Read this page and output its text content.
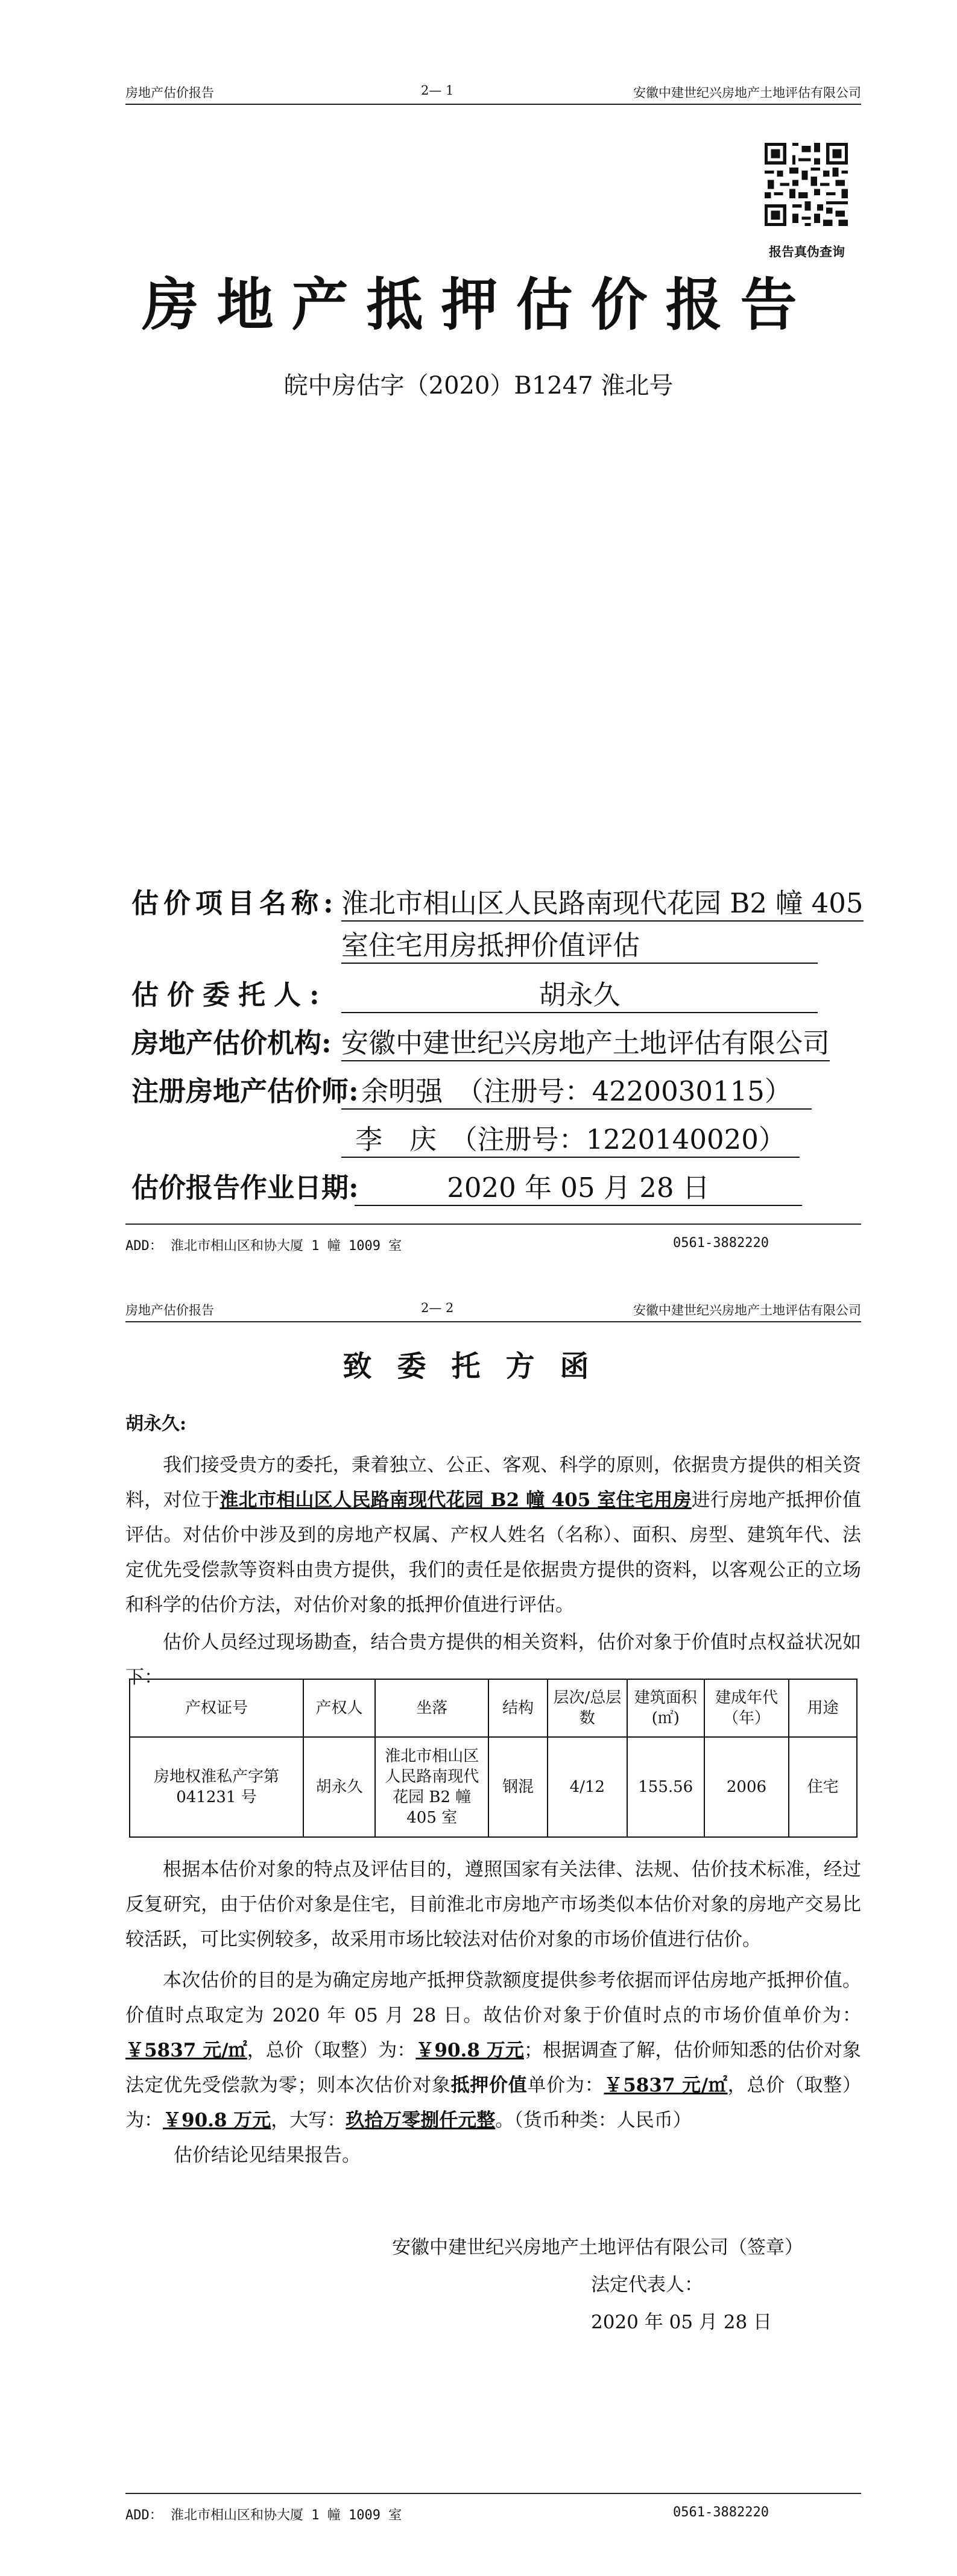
房地产估价报告	2— 1	安徽中建世纪兴房地产土地评估有限公司
报告真伪查询
房地产抵押估价报告
皖中房估字（2020）B1247 淮北号
估价项目名称: 淮北市相山区人民路南现代花园 B2 幢 405
室住宅用房抵押价值评估
估价委托人:	胡永久
房地产估价机构: 安徽中建世纪兴房地产土地评估有限公司
注册房地产估价师: 余明强　（注册号：4220030115）
李　庆　（注册号：1220140020）
估价报告作业日期:	2020 年 05 月 28 日
ADD： 淮北市相山区和协大厦 1 幢 1009 室	0561-3882220
房地产估价报告	2— 2	安徽中建世纪兴房地产土地评估有限公司
致委托方函
胡永久:

我们接受贵方的委托，秉着独立、公正、客观、科学的原则，依据贵方提供的相关资料，对位于淮北市相山区人民路南现代花园 B2 幢 405 室住宅用房进行房地产抵押价值评估。对估价中涉及到的房地产权属、产权人姓名（名称）、面积、房型、建筑年代、法定优先受偿款等资料由贵方提供，我们的责任是依据贵方提供的资料，以客观公正的立场和科学的估价方法，对估价对象的抵押价值进行评估。

估价人员经过现场勘查，结合贵方提供的相关资料，估价对象于价值时点权益状况如下：

产权证号	产权人	坐落	结构	层次/总层数	建筑面积(㎡)	建成年代（年）	用途
房地权淮私产字第 041231 号	胡永久	淮北市相山区人民路南现代花园 B2 幢 405 室	钢混	4/12	155.56	2006	住宅

根据本估价对象的特点及评估目的，遵照国家有关法律、法规、估价技术标准，经过反复研究，由于估价对象是住宅，目前淮北市房地产市场类似本估价对象的房地产交易比较活跃，可比实例较多，故采用市场比较法对估价对象的市场价值进行估价。

本次估价的目的是为确定房地产抵押贷款额度提供参考依据而评估房地产抵押价值。价值时点取定为 2020 年 05 月 28 日。故估价对象于价值时点的市场价值单价为：￥5837 元/㎡，总价（取整）为：￥90.8 万元；根据调查了解，估价师知悉的估价对象法定优先受偿款为零；则本次估价对象抵押价值单价为：￥5837 元/㎡，总价（取整）为：￥90.8 万元，大写：玖拾万零捌仟元整。（货币种类：人民币）

估价结论见结果报告。

安徽中建世纪兴房地产土地评估有限公司（签章）
法定代表人：
2020 年 05 月 28 日
ADD： 淮北市相山区和协大厦 1 幢 1009 室	0561-3882220
